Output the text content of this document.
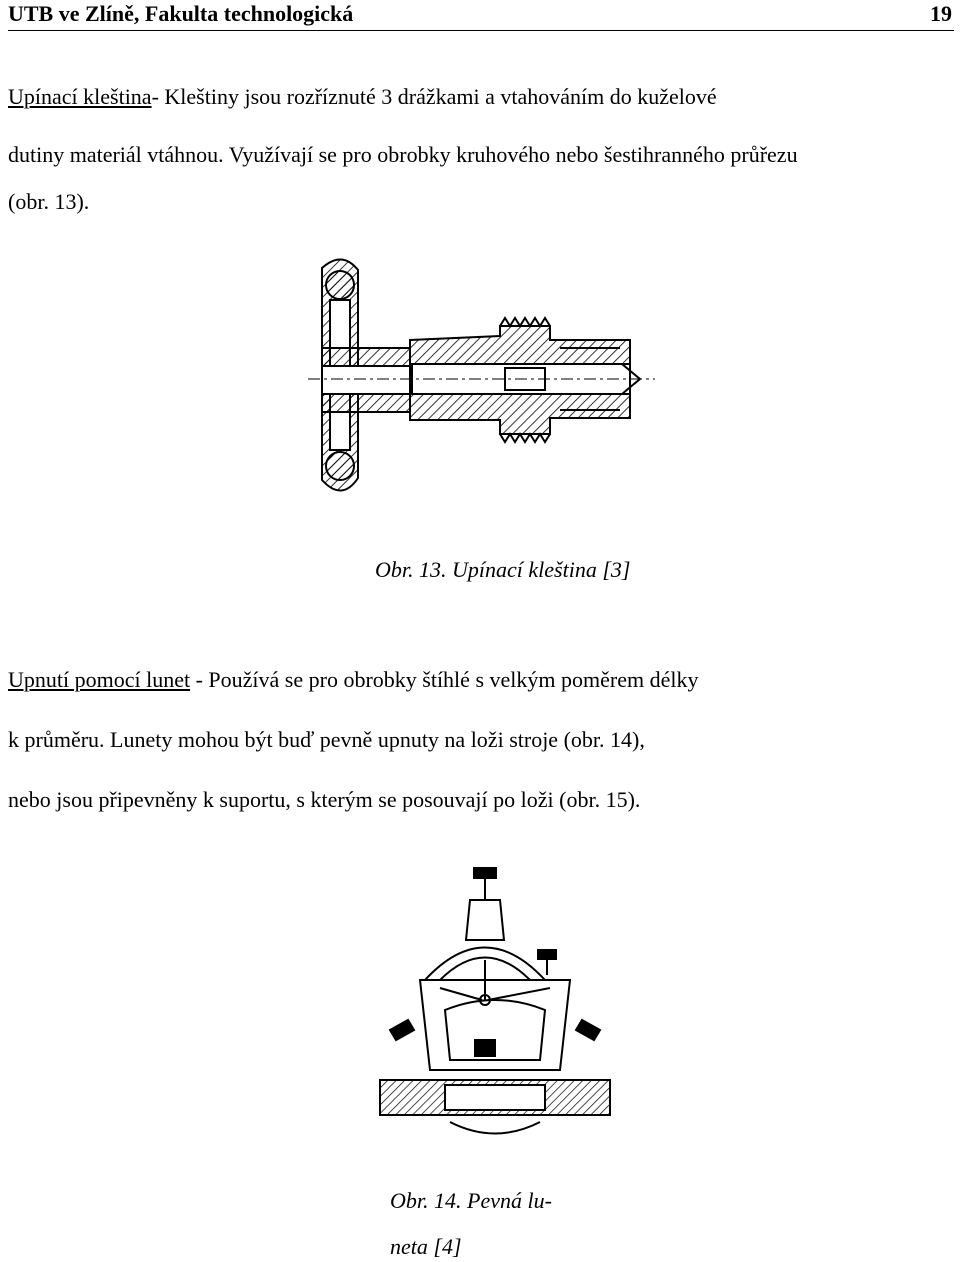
UTB ve Zlíně, Fakulta technologická	19
Upínací kleština- Kleštiny jsou rozříznuté 3 drážkami a vtahováním do kuželové
dutiny materiál vtáhnou. Využívají se pro obrobky kruhového nebo šestihranného průřezu
(obr. 13).
Obr. 13. Upínací kleština [3]
Upnutí pomocí lunet - Používá se pro obrobky štíhlé s velkým poměrem délky
k průměru. Lunety mohou být buď pevně upnuty na loži stroje (obr. 14),
nebo jsou připevněny k suportu, s kterým se posouvají po loži (obr. 15).
Obr. 14. Pevná lu-
neta [4]
